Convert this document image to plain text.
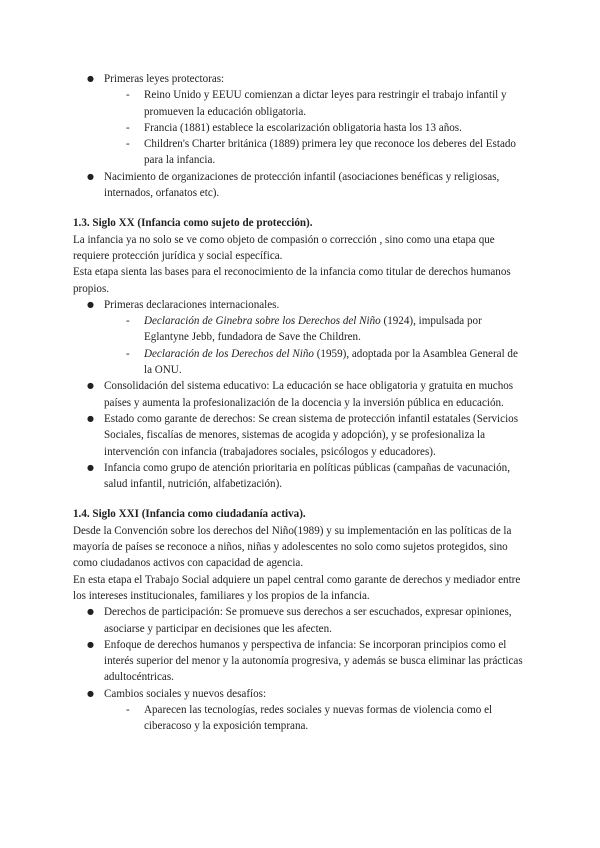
● Primeras leyes protectoras:
- Reino Unido y EEUU comienzan a dictar leyes para restringir el trabajo infantil y promueven la educación obligatoria.
- Francia (1881) establece la escolarización obligatoria hasta los 13 años.
- Children's Charter británica (1889) primera ley que reconoce los deberes del Estado para la infancia.
● Nacimiento de organizaciones de protección infantil (asociaciones benéficas y religiosas, internados, orfanatos etc).

1.3. Siglo XX (Infancia como sujeto de protección).

La infancia ya no solo se ve como objeto de compasión o corrección , sino como una etapa que requiere protección jurídica y social específica.

Esta etapa sienta las bases para el reconocimiento de la infancia como titular de derechos humanos propios.

● Primeras declaraciones internacionales.
- Declaración de Ginebra sobre los Derechos del Niño (1924), impulsada por Eglantyne Jebb, fundadora de Save the Children.
- Declaración de los Derechos del Niño (1959), adoptada por la Asamblea General de la ONU.
● Consolidación del sistema educativo: La educación se hace obligatoria y gratuita en muchos países y aumenta la profesionalización de la docencia y la inversión pública en educación.
● Estado como garante de derechos: Se crean sistema de protección infantil estatales (Servicios Sociales, fiscalías de menores, sistemas de acogida y adopción), y se profesionaliza la intervención con infancia (trabajadores sociales, psicólogos y educadores).
● Infancia como grupo de atención prioritaria en políticas públicas (campañas de vacunación, salud infantil, nutrición, alfabetización).

1.4. Siglo XXI (Infancia como ciudadanía activa).

Desde la Convención sobre los derechos del Niño(1989) y su implementación en las políticas de la mayoría de países se reconoce a niños, niñas y adolescentes no solo como sujetos protegidos, sino como ciudadanos activos con capacidad de agencia.

En esta etapa el Trabajo Social adquiere un papel central como garante de derechos y mediador entre los intereses institucionales, familiares y los propios de la infancia.

● Derechos de participación: Se promueve sus derechos a ser escuchados, expresar opiniones, asociarse y participar en decisiones que les afecten.
● Enfoque de derechos humanos y perspectiva de infancia: Se incorporan principios como el interés superior del menor y la autonomía progresiva, y además se busca eliminar las prácticas adultocéntricas.
● Cambios sociales y nuevos desafíos:
- Aparecen las tecnologías, redes sociales y nuevas formas de violencia como el ciberacoso y la exposición temprana.
